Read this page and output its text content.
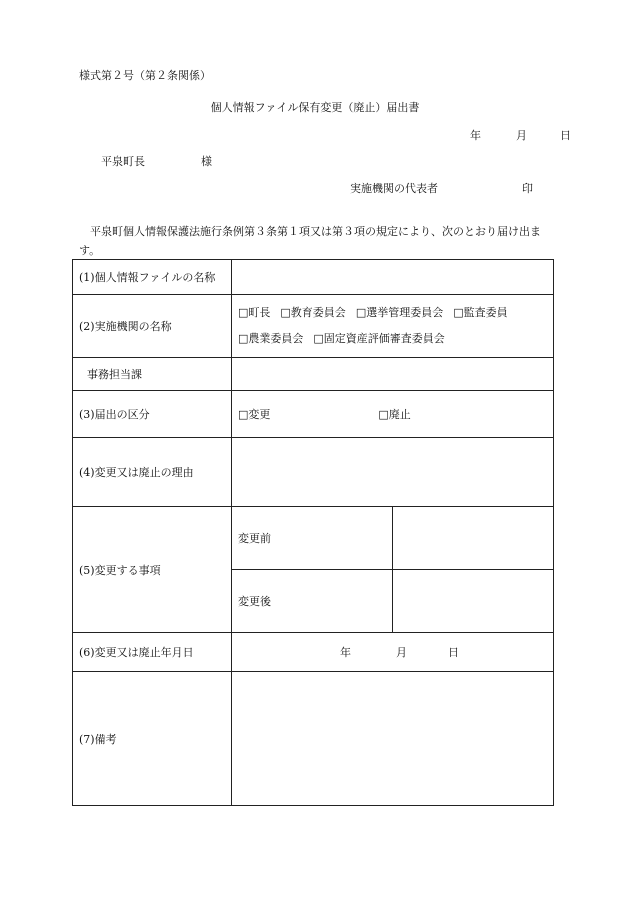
様式第２号（第２条関係）
個人情報ファイル保有変更（廃止）届出書
年	月	日
平泉町長	様
実施機関の代表者	印
平泉町個人情報保護法施行条例第３条第１項又は第３項の規定により、次のとおり届け出ます。
(1)個人情報ファイルの名称		
(2)実施機関の名称	□町長 □教育委員会 □選挙管理委員会 □監査委員
□農業委員会 □固定資産評価審査委員会	
事務担当課		
(3)届出の区分	□変更 □廃止	
(4)変更又は廃止の理由		
(5)変更する事項	変更前	
	変更後	
(6)変更又は廃止年月日	年 月 日	
(7)備考		
